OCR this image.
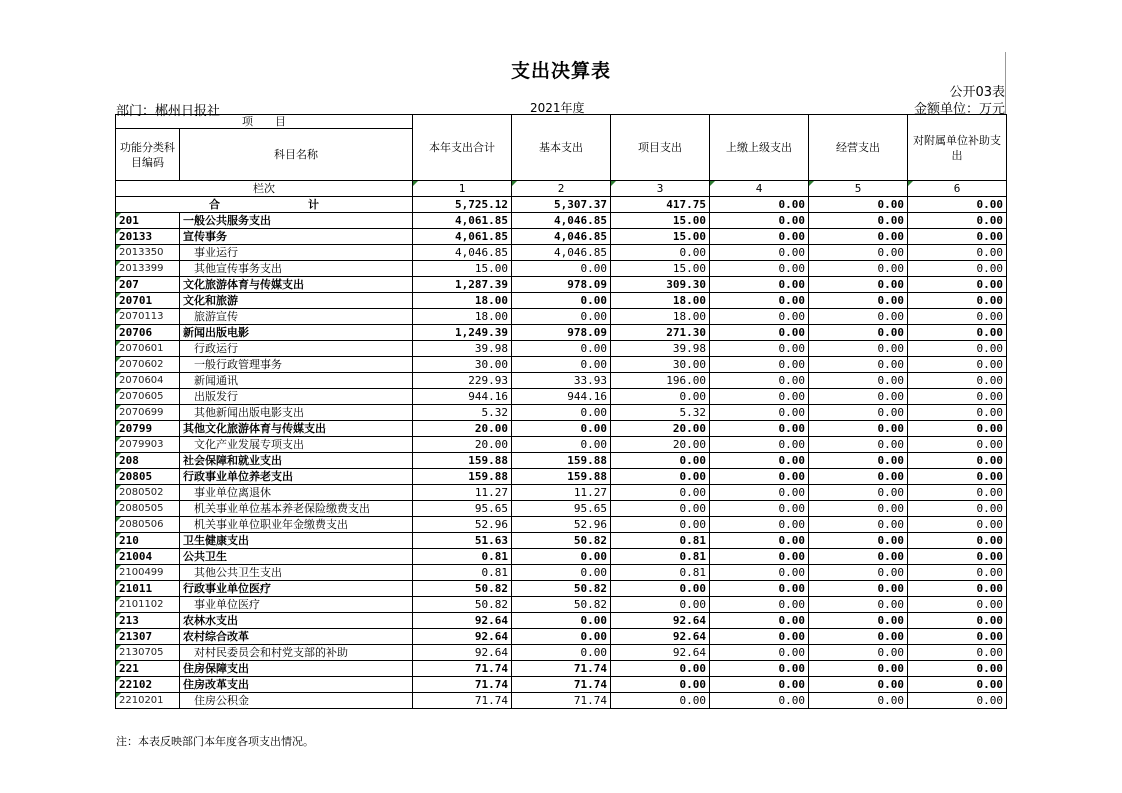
支出决算表
公开03表
部门：郴州日报社	2021年度	金额单位：万元
项　　目		本年支出合计	基本支出	项目支出	上缴上级支出	经营支出	对附属单位补助支出
功能分类科目编码	科目名称						
栏次		1	2	3	4	5	6
合　　　　　　　　计		5,725.12	5,307.37	417.75	0.00	0.00	0.00
201	一般公共服务支出	4,061.85	4,046.85	15.00	0.00	0.00	0.00
20133	宣传事务	4,061.85	4,046.85	15.00	0.00	0.00	0.00
2013350	事业运行	4,046.85	4,046.85	0.00	0.00	0.00	0.00
2013399	其他宣传事务支出	15.00	0.00	15.00	0.00	0.00	0.00
207	文化旅游体育与传媒支出	1,287.39	978.09	309.30	0.00	0.00	0.00
20701	文化和旅游	18.00	0.00	18.00	0.00	0.00	0.00
2070113	旅游宣传	18.00	0.00	18.00	0.00	0.00	0.00
20706	新闻出版电影	1,249.39	978.09	271.30	0.00	0.00	0.00
2070601	行政运行	39.98	0.00	39.98	0.00	0.00	0.00
2070602	一般行政管理事务	30.00	0.00	30.00	0.00	0.00	0.00
2070604	新闻通讯	229.93	33.93	196.00	0.00	0.00	0.00
2070605	出版发行	944.16	944.16	0.00	0.00	0.00	0.00
2070699	其他新闻出版电影支出	5.32	0.00	5.32	0.00	0.00	0.00
20799	其他文化旅游体育与传媒支出	20.00	0.00	20.00	0.00	0.00	0.00
2079903	文化产业发展专项支出	20.00	0.00	20.00	0.00	0.00	0.00
208	社会保障和就业支出	159.88	159.88	0.00	0.00	0.00	0.00
20805	行政事业单位养老支出	159.88	159.88	0.00	0.00	0.00	0.00
2080502	事业单位离退休	11.27	11.27	0.00	0.00	0.00	0.00
2080505	机关事业单位基本养老保险缴费支出	95.65	95.65	0.00	0.00	0.00	0.00
2080506	机关事业单位职业年金缴费支出	52.96	52.96	0.00	0.00	0.00	0.00
210	卫生健康支出	51.63	50.82	0.81	0.00	0.00	0.00
21004	公共卫生	0.81	0.00	0.81	0.00	0.00	0.00
2100499	其他公共卫生支出	0.81	0.00	0.81	0.00	0.00	0.00
21011	行政事业单位医疗	50.82	50.82	0.00	0.00	0.00	0.00
2101102	事业单位医疗	50.82	50.82	0.00	0.00	0.00	0.00
213	农林水支出	92.64	0.00	92.64	0.00	0.00	0.00
21307	农村综合改革	92.64	0.00	92.64	0.00	0.00	0.00
2130705	对村民委员会和村党支部的补助	92.64	0.00	92.64	0.00	0.00	0.00
221	住房保障支出	71.74	71.74	0.00	0.00	0.00	0.00
22102	住房改革支出	71.74	71.74	0.00	0.00	0.00	0.00
2210201	住房公积金	71.74	71.74	0.00	0.00	0.00	0.00
注：本表反映部门本年度各项支出情况。
